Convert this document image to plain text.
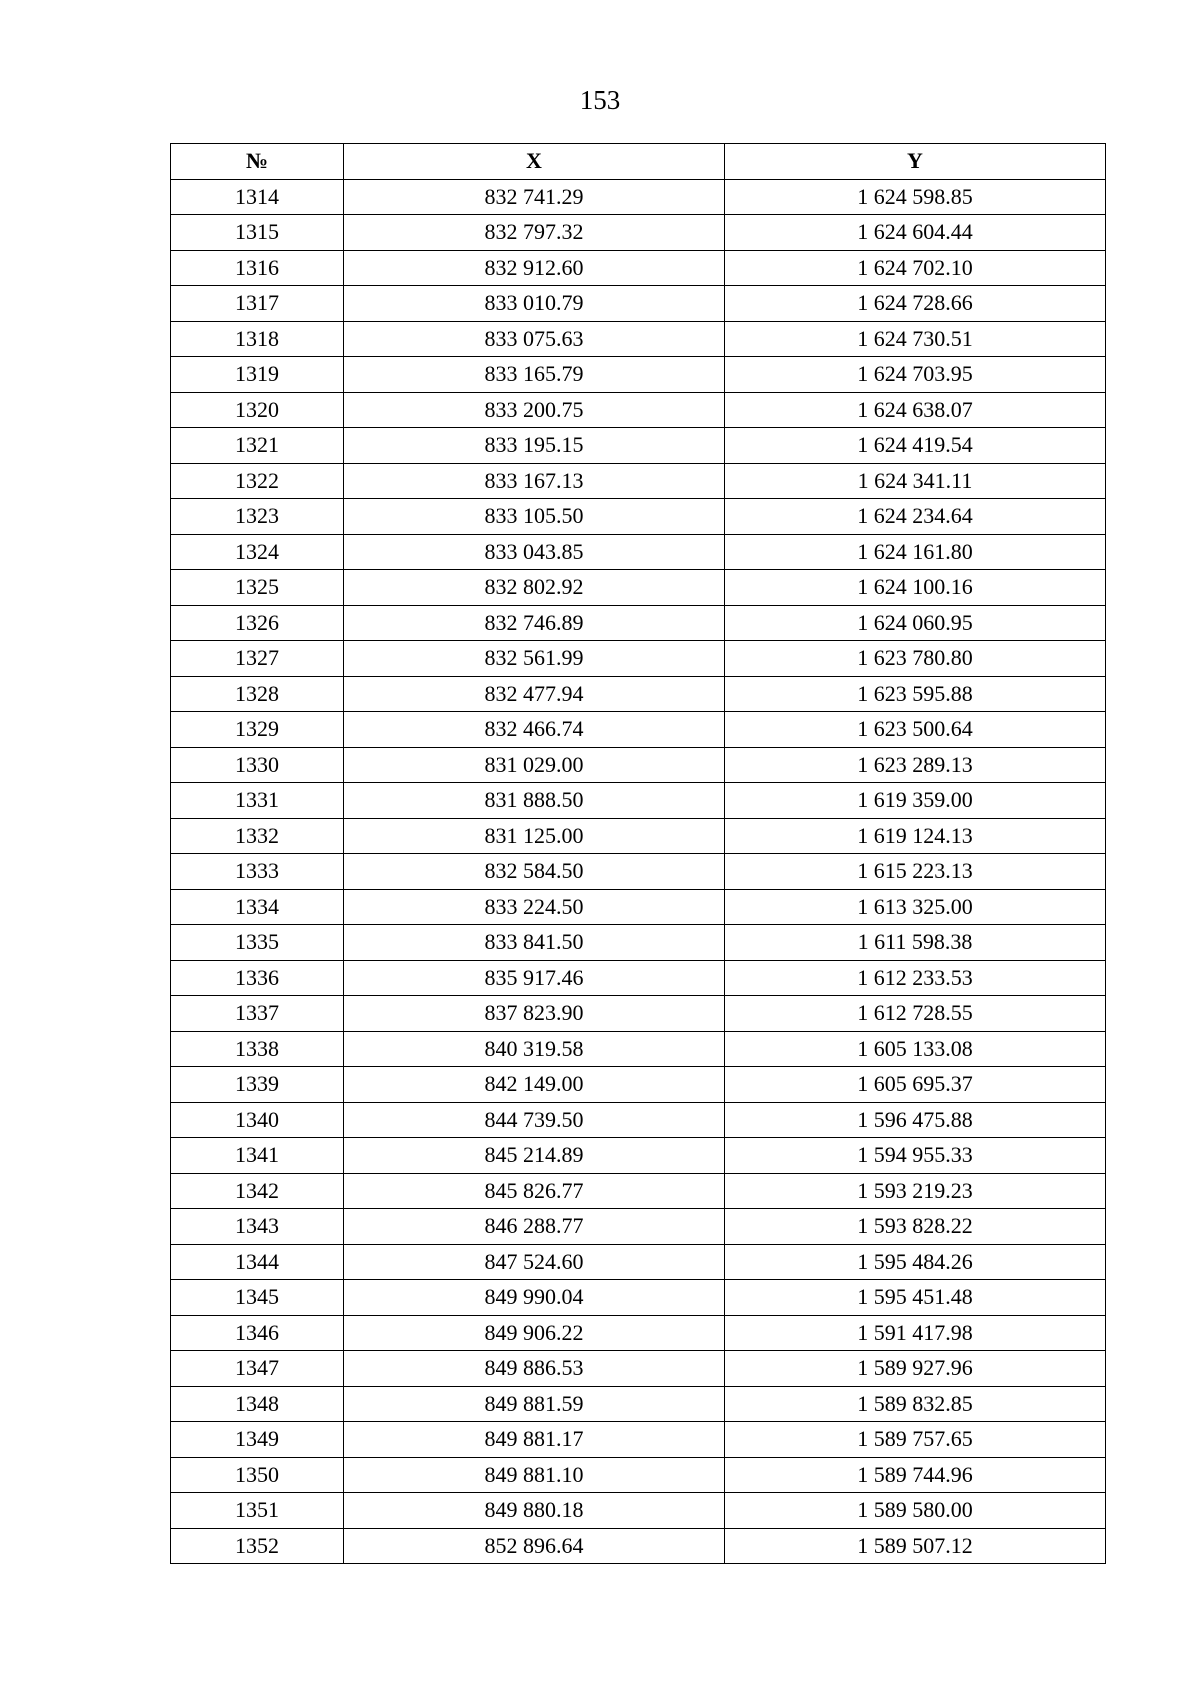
153
№	X	Y
1314	832 741.29	1 624 598.85
1315	832 797.32	1 624 604.44
1316	832 912.60	1 624 702.10
1317	833 010.79	1 624 728.66
1318	833 075.63	1 624 730.51
1319	833 165.79	1 624 703.95
1320	833 200.75	1 624 638.07
1321	833 195.15	1 624 419.54
1322	833 167.13	1 624 341.11
1323	833 105.50	1 624 234.64
1324	833 043.85	1 624 161.80
1325	832 802.92	1 624 100.16
1326	832 746.89	1 624 060.95
1327	832 561.99	1 623 780.80
1328	832 477.94	1 623 595.88
1329	832 466.74	1 623 500.64
1330	831 029.00	1 623 289.13
1331	831 888.50	1 619 359.00
1332	831 125.00	1 619 124.13
1333	832 584.50	1 615 223.13
1334	833 224.50	1 613 325.00
1335	833 841.50	1 611 598.38
1336	835 917.46	1 612 233.53
1337	837 823.90	1 612 728.55
1338	840 319.58	1 605 133.08
1339	842 149.00	1 605 695.37
1340	844 739.50	1 596 475.88
1341	845 214.89	1 594 955.33
1342	845 826.77	1 593 219.23
1343	846 288.77	1 593 828.22
1344	847 524.60	1 595 484.26
1345	849 990.04	1 595 451.48
1346	849 906.22	1 591 417.98
1347	849 886.53	1 589 927.96
1348	849 881.59	1 589 832.85
1349	849 881.17	1 589 757.65
1350	849 881.10	1 589 744.96
1351	849 880.18	1 589 580.00
1352	852 896.64	1 589 507.12
